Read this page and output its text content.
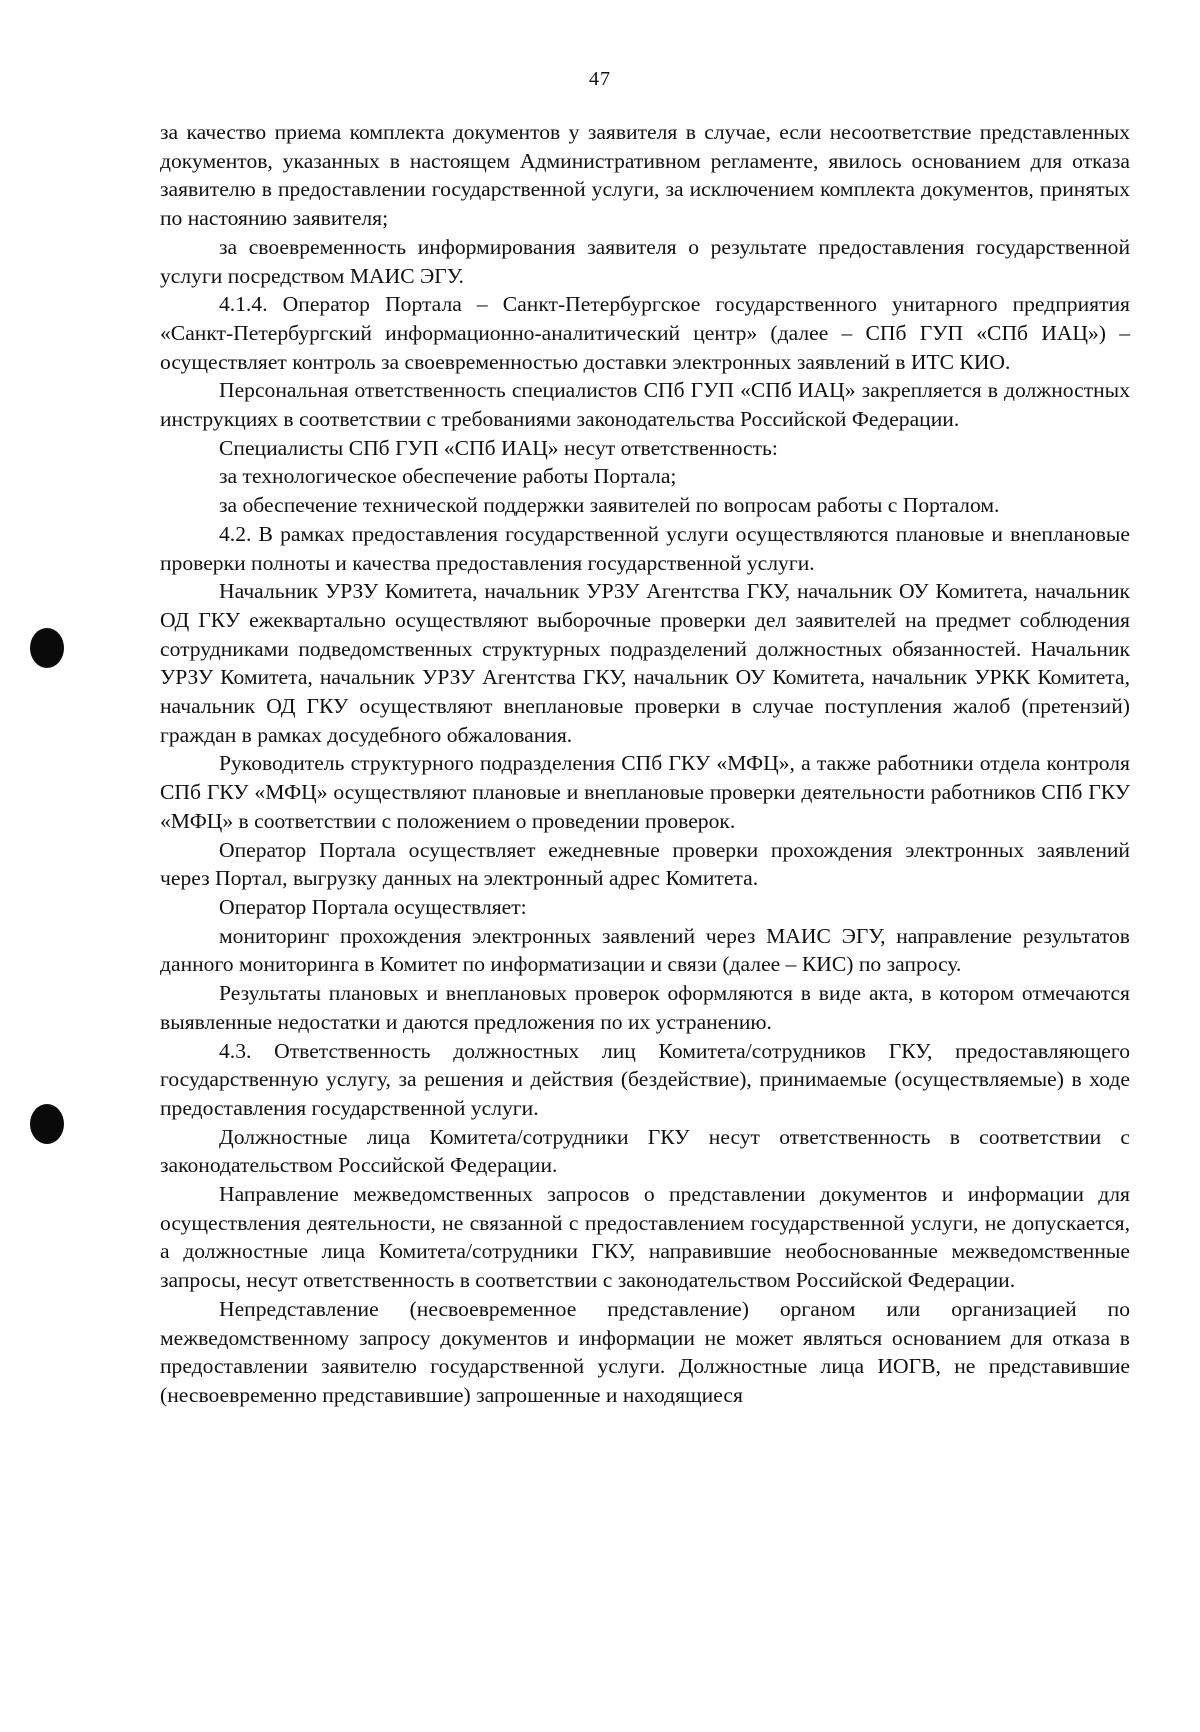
47

за качество приема комплекта документов у заявителя в случае, если несоответствие представленных документов, указанных в настоящем Административном регламенте, явилось основанием для отказа заявителю в предоставлении государственной услуги, за исключением комплекта документов, принятых по настоянию заявителя;

за своевременность информирования заявителя о результате предоставления государственной услуги посредством МАИС ЭГУ.

4.1.4. Оператор Портала – Санкт-Петербургское государственного унитарного предприятия «Санкт-Петербургский информационно-аналитический центр» (далее – СПб ГУП «СПб ИАЦ») – осуществляет контроль за своевременностью доставки электронных заявлений в ИТС КИО.

Персональная ответственность специалистов СПб ГУП «СПб ИАЦ» закрепляется в должностных инструкциях в соответствии с требованиями законодательства Российской Федерации.

Специалисты СПб ГУП «СПб ИАЦ» несут ответственность:

за технологическое обеспечение работы Портала;

за обеспечение технической поддержки заявителей по вопросам работы с Порталом.

4.2. В рамках предоставления государственной услуги осуществляются плановые и внеплановые проверки полноты и качества предоставления государственной услуги.

Начальник УРЗУ Комитета, начальник УРЗУ Агентства ГКУ, начальник ОУ Комитета, начальник ОД ГКУ ежеквартально осуществляют выборочные проверки дел заявителей на предмет соблюдения сотрудниками подведомственных структурных подразделений должностных обязанностей. Начальник УРЗУ Комитета, начальник УРЗУ Агентства ГКУ, начальник ОУ Комитета, начальник УРКК Комитета, начальник ОД ГКУ осуществляют внеплановые проверки в случае поступления жалоб (претензий) граждан в рамках досудебного обжалования.

Руководитель структурного подразделения СПб ГКУ «МФЦ», а также работники отдела контроля СПб ГКУ «МФЦ» осуществляют плановые и внеплановые проверки деятельности работников СПб ГКУ «МФЦ» в соответствии с положением о проведении проверок.

Оператор Портала осуществляет ежедневные проверки прохождения электронных заявлений через Портал, выгрузку данных на электронный адрес Комитета.

Оператор Портала осуществляет:

мониторинг прохождения электронных заявлений через МАИС ЭГУ, направление результатов данного мониторинга в Комитет по информатизации и связи (далее – КИС) по запросу.

Результаты плановых и внеплановых проверок оформляются в виде акта, в котором отмечаются выявленные недостатки и даются предложения по их устранению.

4.3. Ответственность должностных лиц Комитета/сотрудников ГКУ, предоставляющего государственную услугу, за решения и действия (бездействие), принимаемые (осуществляемые) в ходе предоставления государственной услуги.

Должностные лица Комитета/сотрудники ГКУ несут ответственность в соответствии с законодательством Российской Федерации.

Направление межведомственных запросов о представлении документов и информации для осуществления деятельности, не связанной с предоставлением государственной услуги, не допускается, а должностные лица Комитета/сотрудники ГКУ, направившие необоснованные межведомственные запросы, несут ответственность в соответствии с законодательством Российской Федерации.

Непредставление (несвоевременное представление) органом или организацией по межведомственному запросу документов и информации не может являться основанием для отказа в предоставлении заявителю государственной услуги. Должностные лица ИОГВ, не представившие (несвоевременно представившие) запрошенные и находящиеся
